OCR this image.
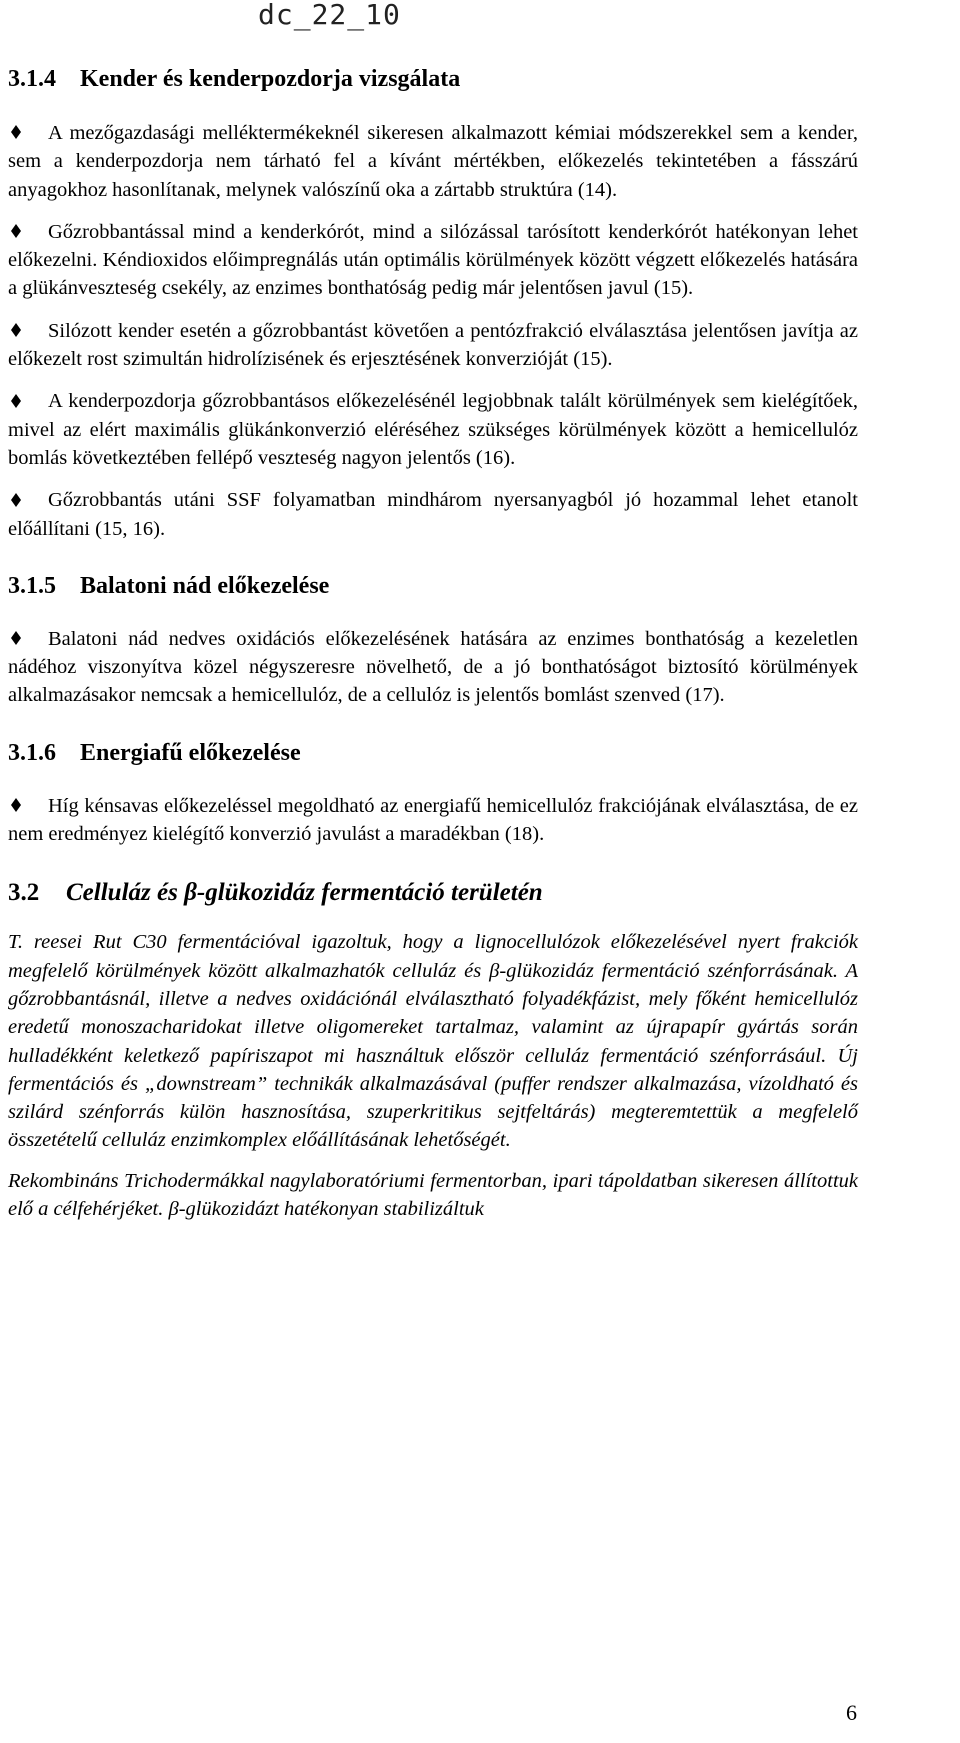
dc_22_10
3.1.4	Kender és kenderpozdorja vizsgálata

A mezőgazdasági melléktermékeknél sikeresen alkalmazott kémiai módszerekkel sem a kender, sem a kenderpozdorja nem tárható fel a kívánt mértékben, előkezelés tekintetében a fásszárú anyagokhoz hasonlítanak, melynek valószínű oka a zártabb struktúra (14).

Gőzrobbantással mind a kenderkórót, mind a silózással tarósított kenderkórót hatékonyan lehet előkezelni. Kéndioxidos előimpregnálás után optimális körülmények között végzett előkezelés hatására a glükánveszteség csekély, az enzimes bonthatóság pedig már jelentősen javul (15).

Silózott kender esetén a gőzrobbantást követően a pentózfrakció elválasztása jelentősen javítja az előkezelt rost szimultán hidrolízisének és erjesztésének konverzióját (15).

A kenderpozdorja gőzrobbantásos előkezelésénél legjobbnak talált körülmények sem kielégítőek, mivel az elért maximális glükánkonverzió eléréséhez szükséges körülmények között a hemicellulóz bomlás következtében fellépő veszteség nagyon jelentős (16).

Gőzrobbantás utáni SSF folyamatban mindhárom nyersanyagból jó hozammal lehet etanolt előállítani (15, 16).

3.1.5	Balatoni nád előkezelése

Balatoni nád nedves oxidációs előkezelésének hatására az enzimes bonthatóság a kezeletlen nádéhoz viszonyítva közel négyszeresre növelhető, de a jó bonthatóságot biztosító körülmények alkalmazásakor nemcsak a hemicellulóz, de a cellulóz is jelentős bomlást szenved (17).

3.1.6	Energiafű előkezelése

Híg kénsavas előkezeléssel megoldható az energiafű hemicellulóz frakciójának elválasztása, de ez nem eredményez kielégítő konverzió javulást a maradékban (18).

3.2	Celluláz és β-glükozidáz fermentáció területén

T. reesei Rut C30 fermentációval igazoltuk, hogy a lignocellulózok előkezelésével nyert frakciók megfelelő körülmények között alkalmazhatók celluláz és β-glükozidáz fermentáció szénforrásának. A gőzrobbantásnál, illetve a nedves oxidációnál elválasztható folyadékfázist, mely főként hemicellulóz eredetű monoszacharidokat illetve oligomereket tartalmaz, valamint az újrapapír gyártás során hulladékként keletkező papíriszapot mi használtuk először celluláz fermentáció szénforrásául. Új fermentációs és „downstream” technikák alkalmazásával (puffer rendszer alkalmazása, vízoldható és szilárd szénforrás külön hasznosítása, szuperkritikus sejtfeltárás) megteremtettük a megfelelő összetételű celluláz enzimkomplex előállításának lehetőségét.

Rekombináns Trichodermákkal nagylaboratóriumi fermentorban, ipari tápoldatban sikeresen állítottuk elő a célfehérjéket. β-glükozidázt hatékonyan stabilizáltuk

6
